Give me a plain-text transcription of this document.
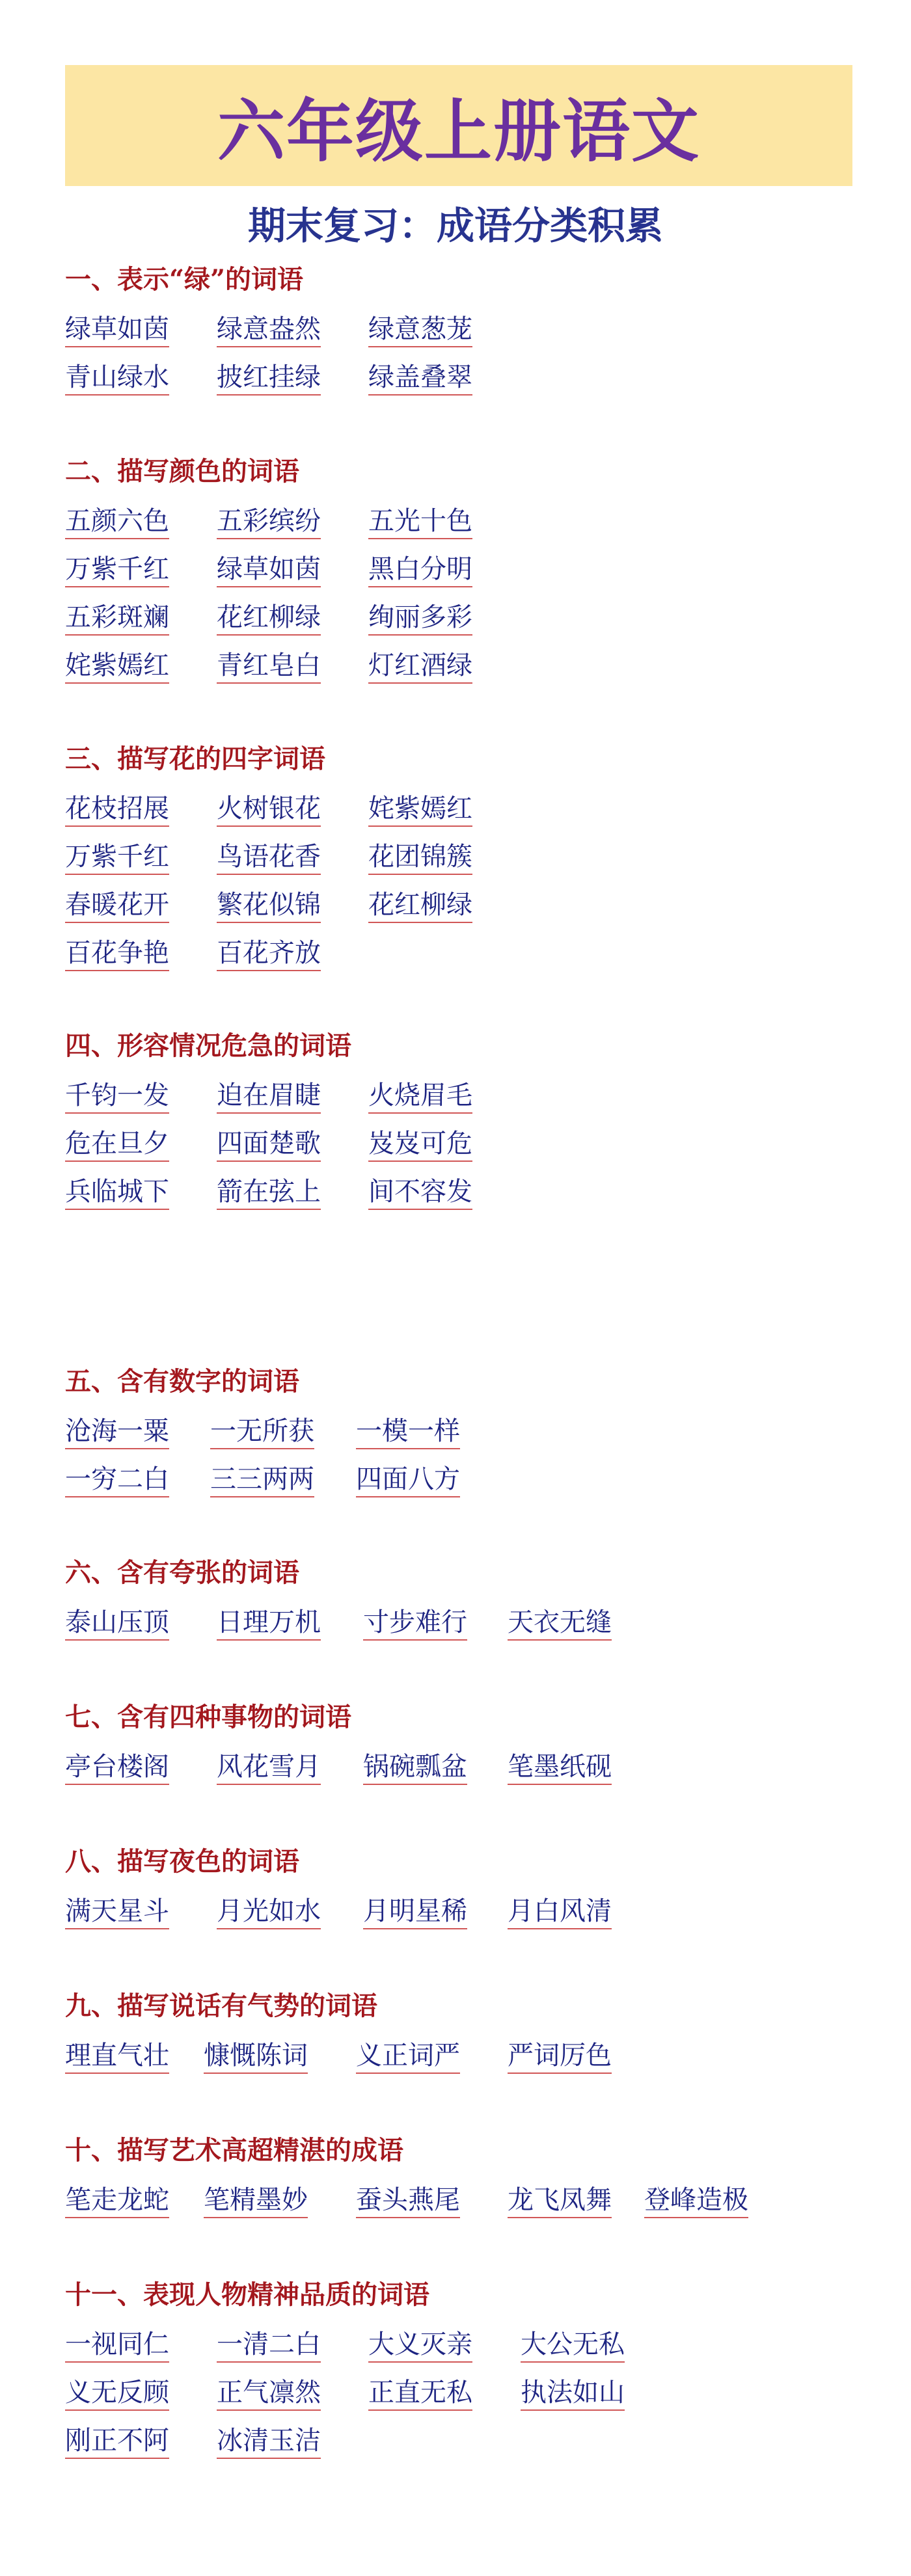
六年级上册语文
期末复习：成语分类积累
一、表示“绿”的词语
绿草如茵 绿意盎然 绿意葱茏
青山绿水 披红挂绿 绿盖叠翠
二、描写颜色的词语
五颜六色 五彩缤纷 五光十色
万紫千红 绿草如茵 黑白分明
五彩斑斓 花红柳绿 绚丽多彩
姹紫嫣红 青红皂白 灯红酒绿
三、描写花的四字词语
花枝招展 火树银花 姹紫嫣红
万紫千红 鸟语花香 花团锦簇
春暖花开 繁花似锦 花红柳绿
百花争艳 百花齐放
四、形容情况危急的词语
千钧一发 迫在眉睫 火烧眉毛
危在旦夕 四面楚歌 岌岌可危
兵临城下 箭在弦上 间不容发
五、含有数字的词语
沧海一粟 一无所获 一模一样
一穷二白 三三两两 四面八方
六、含有夸张的词语
泰山压顶 日理万机 寸步难行 天衣无缝
七、含有四种事物的词语
亭台楼阁 风花雪月 锅碗瓢盆 笔墨纸砚
八、描写夜色的词语
满天星斗 月光如水 月明星稀 月白风清
九、描写说话有气势的词语
理直气壮 慷慨陈词 义正词严 严词厉色
十、描写艺术高超精湛的成语
笔走龙蛇 笔精墨妙 蚕头燕尾 龙飞凤舞 登峰造极
十一、表现人物精神品质的词语
一视同仁 一清二白 大义灭亲 大公无私
义无反顾 正气凛然 正直无私 执法如山
刚正不阿 冰清玉洁
